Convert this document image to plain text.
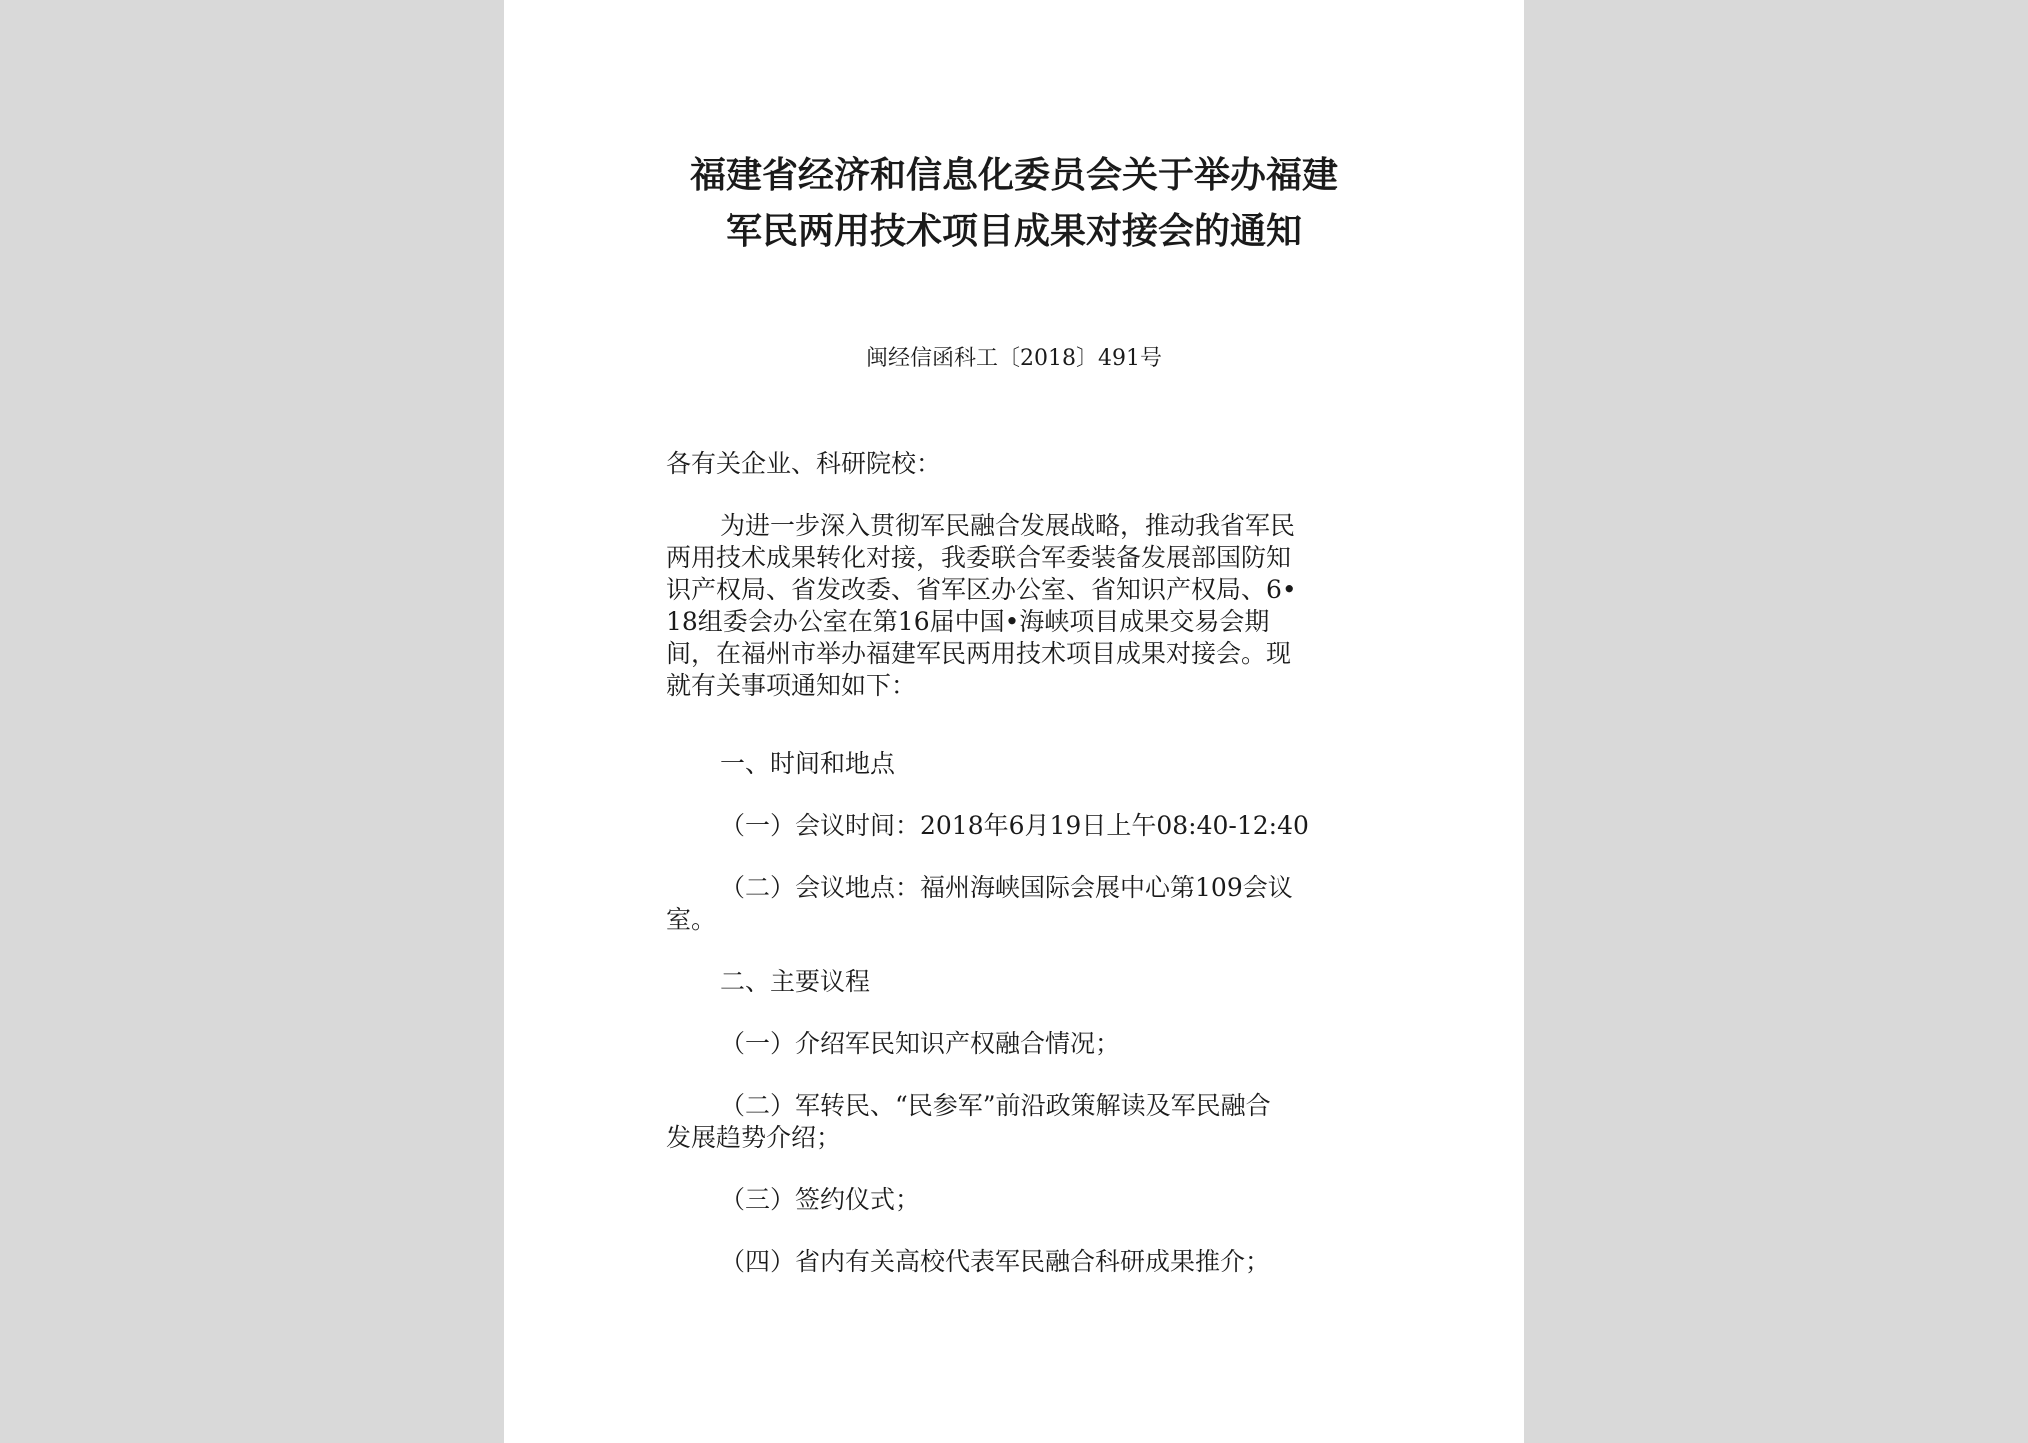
福建省经济和信息化委员会关于举办福建
军民两用技术项目成果对接会的通知
闽经信函科工〔2018〕491号
各有关企业、科研院校：
为进一步深入贯彻军民融合发展战略，推动我省军民
两用技术成果转化对接，我委联合军委装备发展部国防知
识产权局、省发改委、省军区办公室、省知识产权局、6•
18组委会办公室在第16届中国•海峡项目成果交易会期
间，在福州市举办福建军民两用技术项目成果对接会。现
就有关事项通知如下：
一、时间和地点
（一）会议时间：2018年6月19日上午08:40-12:40
（二）会议地点：福州海峡国际会展中心第109会议
室。
二、主要议程
（一）介绍军民知识产权融合情况；
（二）军转民、“民参军”前沿政策解读及军民融合
发展趋势介绍；
（三）签约仪式；
（四）省内有关高校代表军民融合科研成果推介；
